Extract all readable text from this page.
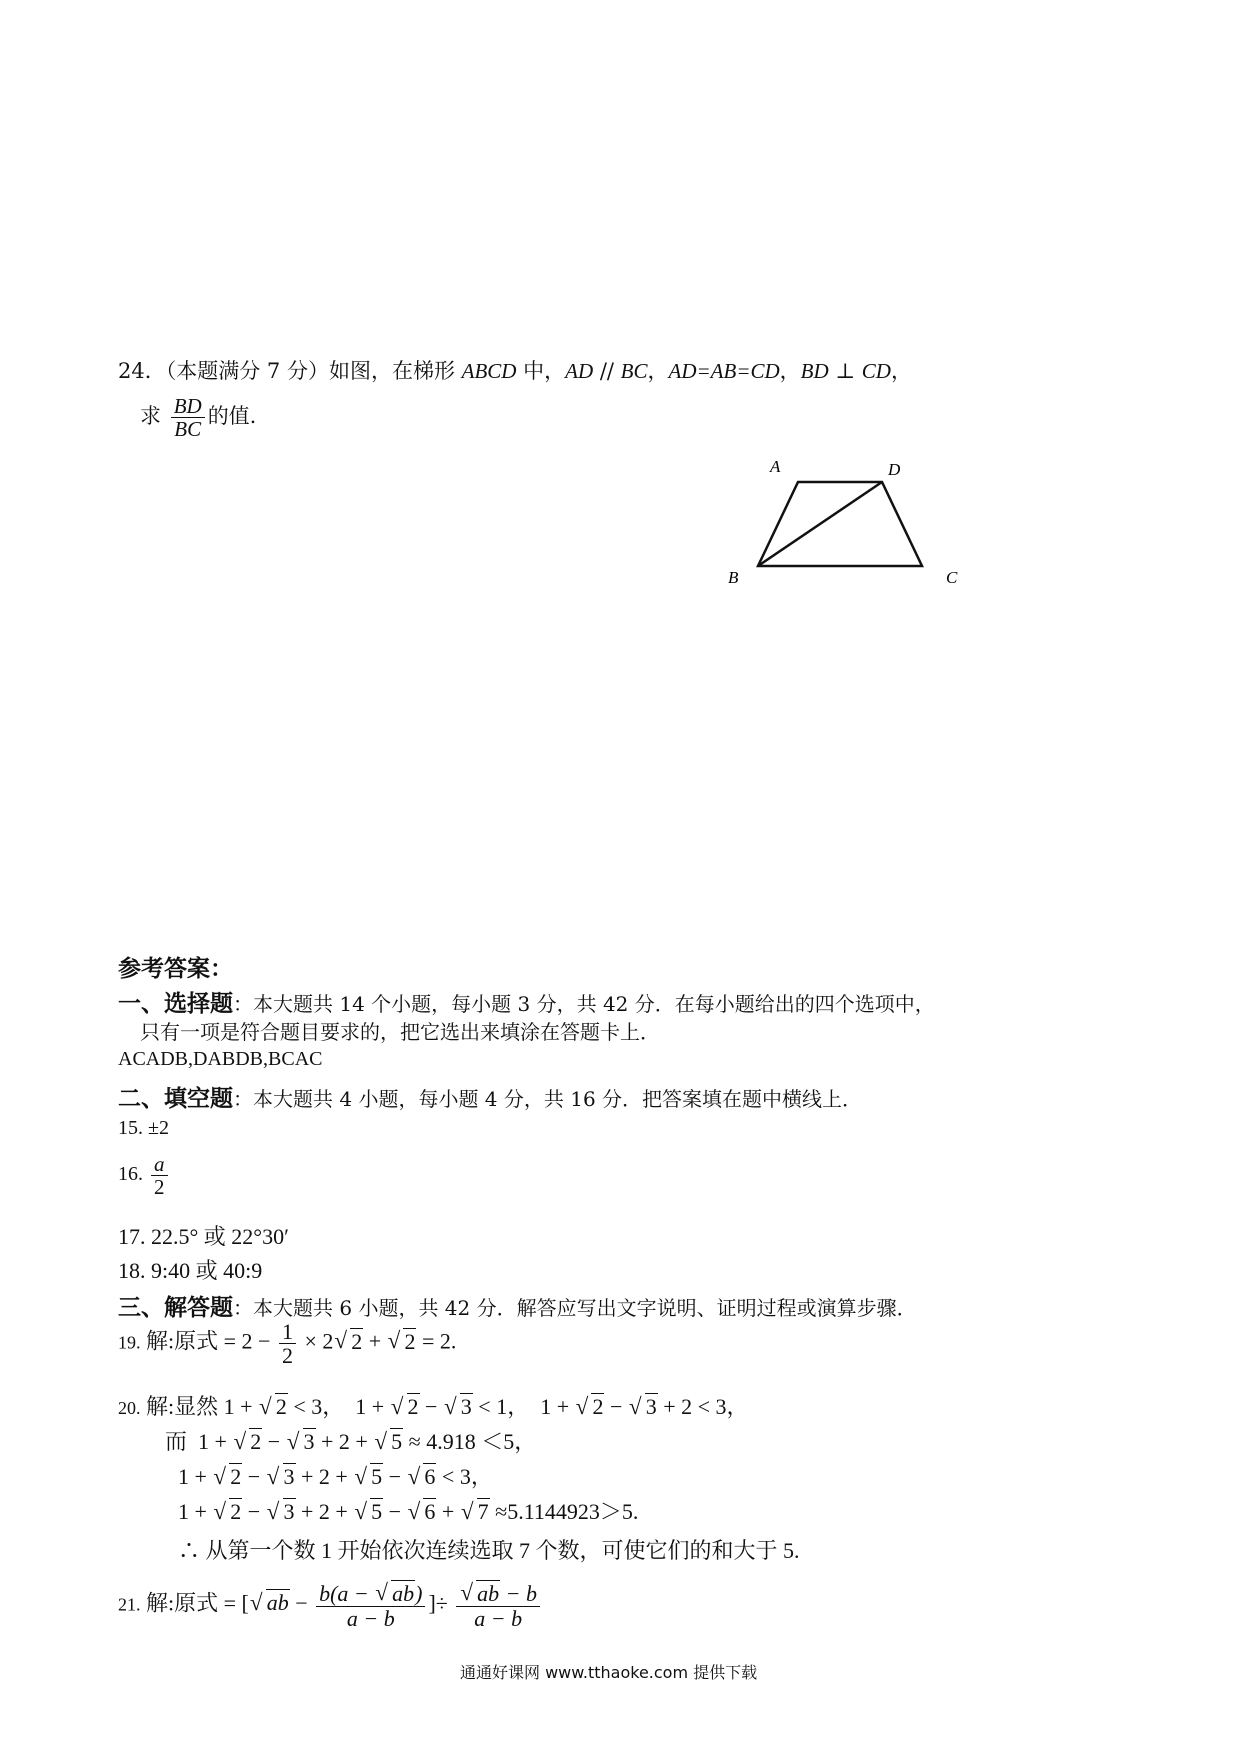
24．（本题满分 7 分）如图，在梯形 ABCD 中，AD // BC，AD=AB=CD，BD ⊥ CD，
求 $\frac{BD}{BC}$ 的值.
A	D
B	C
参考答案：
一、选择题：本大题共 14 个小题，每小题 3 分，共 42 分．在每小题给出的四个选项中，
只有一项是符合题目要求的，把它选出来填涂在答题卡上．
ACADB,DABDB,BCAC
二、填空题：本大题共 4 小题，每小题 4 分，共 16 分．把答案填在题中横线上．
15. ±2
16. $\frac{a}{2}$
17. 22.5° 或 22°30′
18. 9:40 或 40:9
三、解答题：本大题共 6 小题，共 42 分．解答应写出文字说明、证明过程或演算步骤．
19. 解:原式 = $2 - \frac{1}{2} \times 2√$ 2 + √ 2 = 2.
20. 解:显然 1 + √ 2 < 3，  1 + √ 2 − √ 3 < 1，  1 + √ 2 − √ 3 + 2 < 3，
而  1 + √ 2 − √ 3 + 2 + √ 5 ≈ 4.918 ＜5，
1 + √ 2 − √ 3 + 2 + √ 5 − √ 6 < 3，
1 + √ 2 − √ 3 + 2 + √ 5 − √ 6 + √ 7 ≈5.1144923＞5.
∴ 从第一个数 1 开始依次连续选取 7 个数，可使它们的和大于 5.
21. 解:原式 = [√ ab − $\frac{b(a - √ ab)}{a - b}$ ]÷
√ $\frac{ab - b}{a - b}$
通通好课网 www.tthaoke.com 提供下载
